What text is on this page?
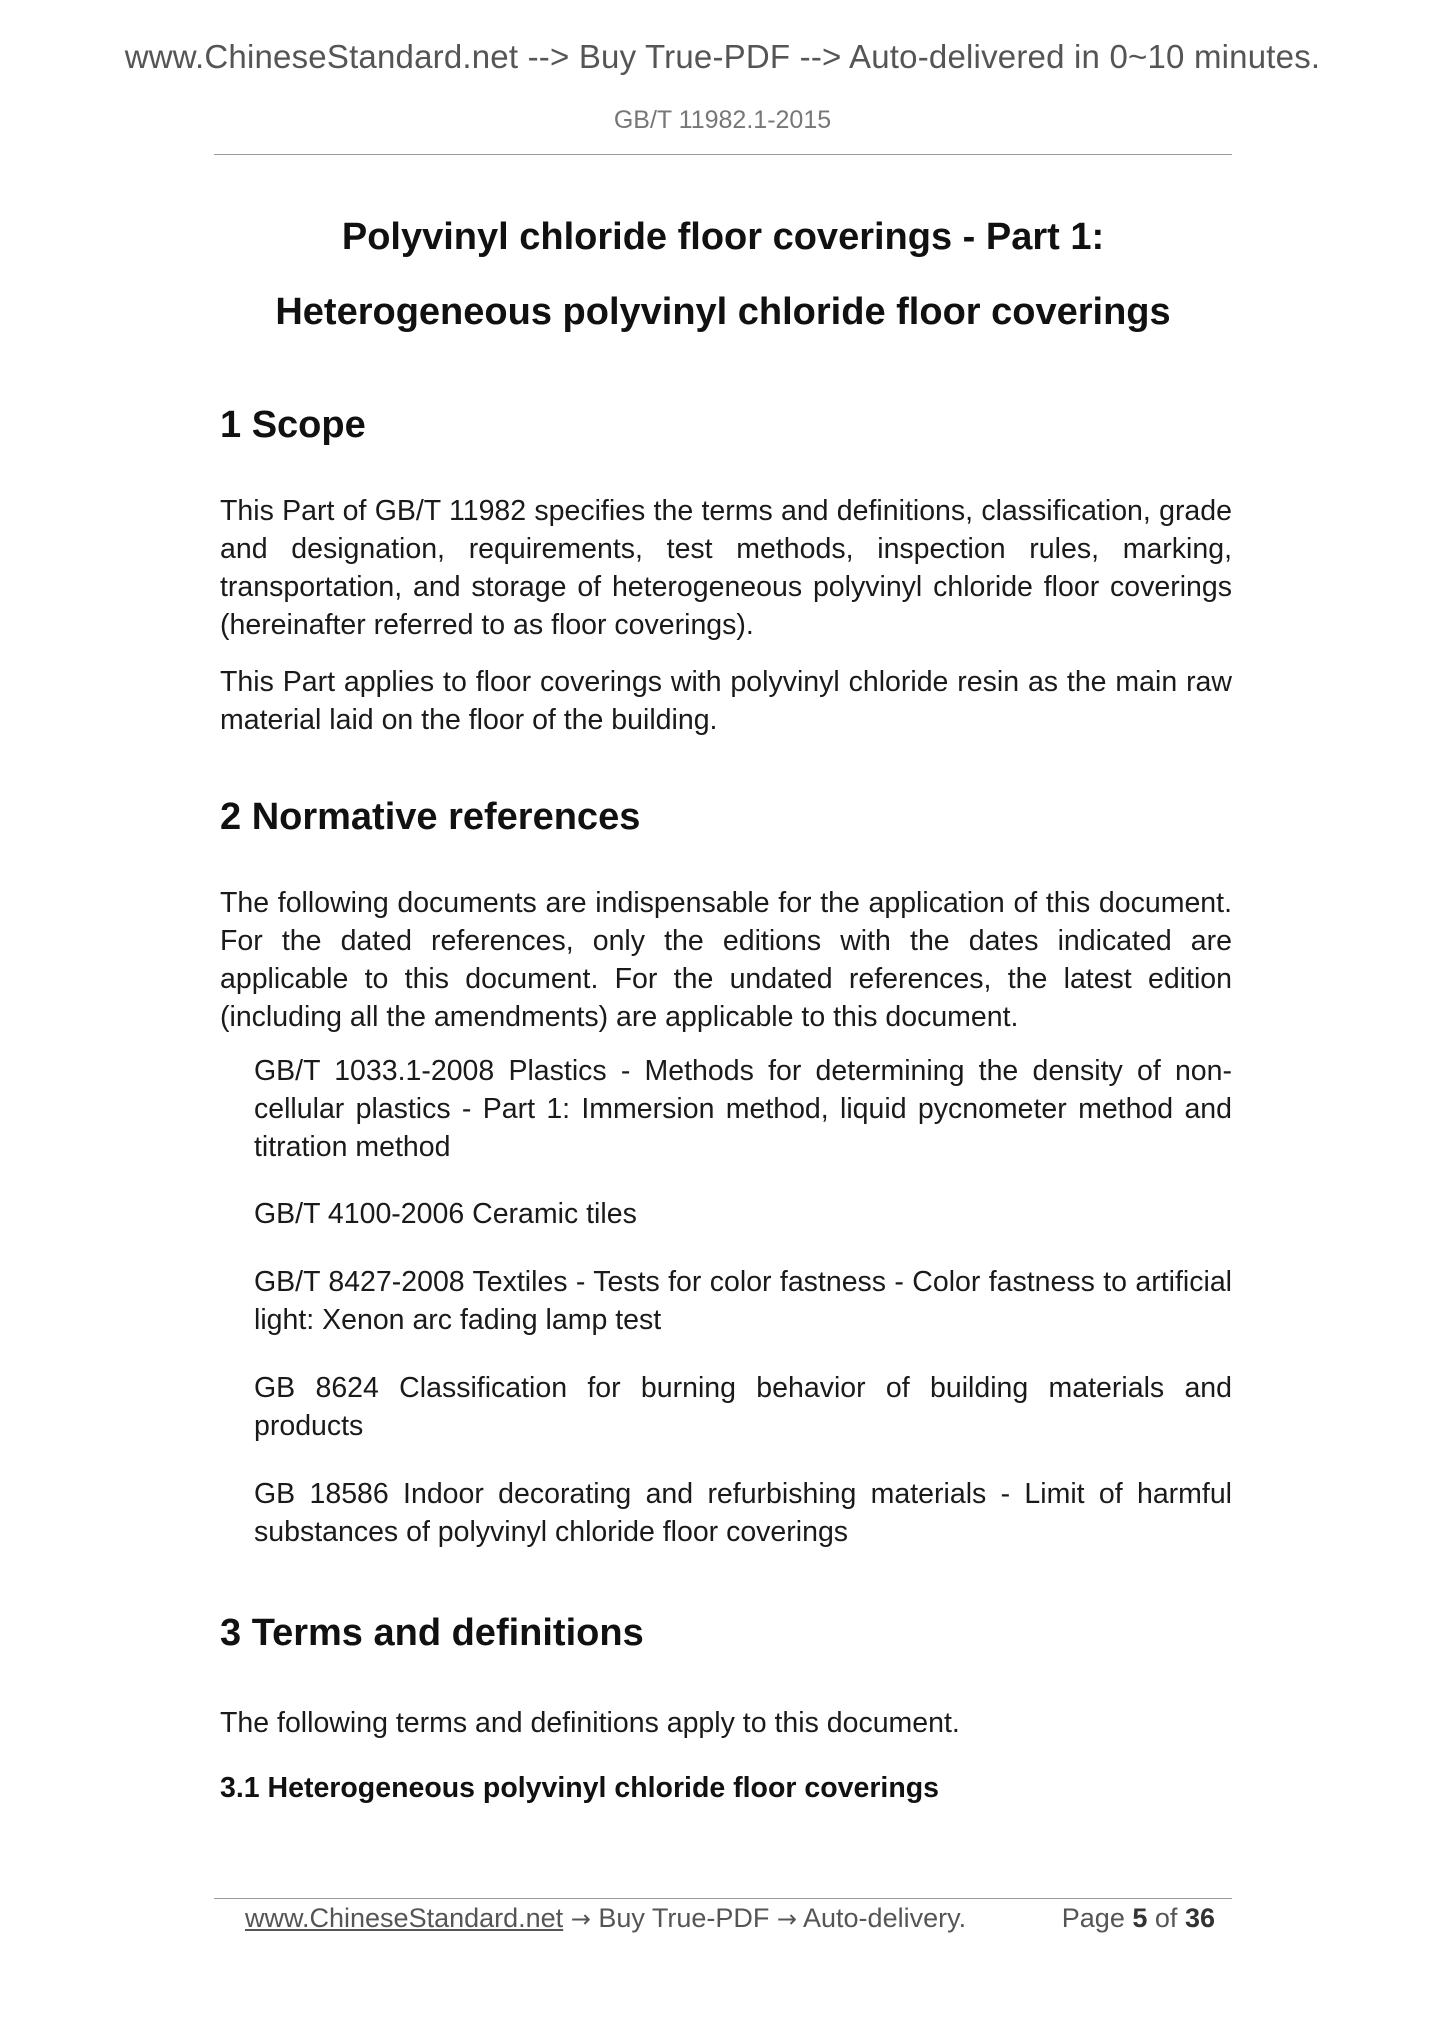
www.ChineseStandard.net --> Buy True-PDF --> Auto-delivered in 0~10 minutes.
GB/T 11982.1-2015
Polyvinyl chloride floor coverings - Part 1:
Heterogeneous polyvinyl chloride floor coverings
1 Scope
This Part of GB/T 11982 specifies the terms and definitions, classification, grade and designation, requirements, test methods, inspection rules, marking, transportation, and storage of heterogeneous polyvinyl chloride floor coverings (hereinafter referred to as floor coverings).
This Part applies to floor coverings with polyvinyl chloride resin as the main raw material laid on the floor of the building.
2 Normative references
The following documents are indispensable for the application of this document. For the dated references, only the editions with the dates indicated are applicable to this document. For the undated references, the latest edition (including all the amendments) are applicable to this document.
GB/T 1033.1-2008 Plastics - Methods for determining the density of non-cellular plastics - Part 1: Immersion method, liquid pycnometer method and titration method
GB/T 4100-2006 Ceramic tiles
GB/T 8427-2008 Textiles - Tests for color fastness - Color fastness to artificial light: Xenon arc fading lamp test
GB 8624 Classification for burning behavior of building materials and products
GB 18586 Indoor decorating and refurbishing materials - Limit of harmful substances of polyvinyl chloride floor coverings
3 Terms and definitions
The following terms and definitions apply to this document.
3.1 Heterogeneous polyvinyl chloride floor coverings
www.ChineseStandard.net → Buy True-PDF → Auto-delivery.	Page 5 of 36
